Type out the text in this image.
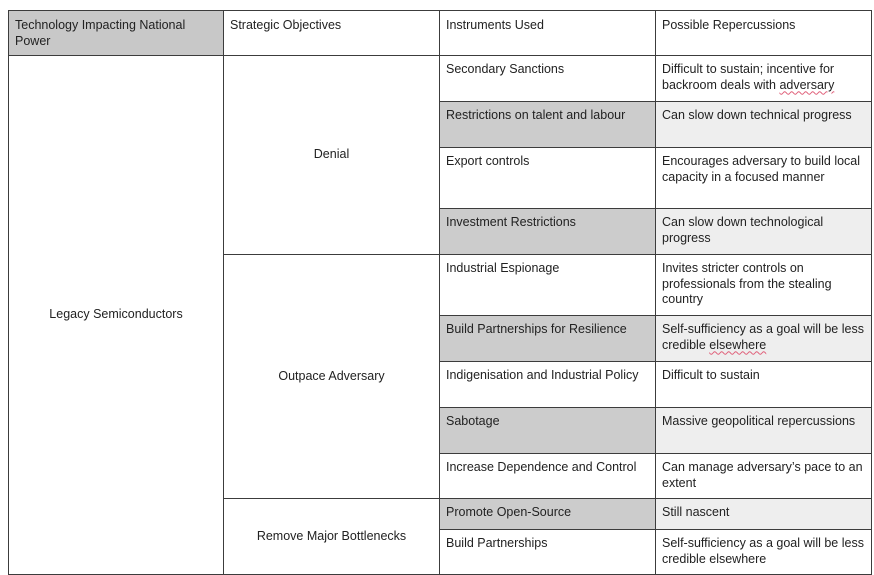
Technology Impacting National Power	Strategic Objectives	Instruments Used	Possible Repercussions
Legacy Semiconductors	Denial	Secondary Sanctions	Difficult to sustain; incentive for backroom deals with adversary
		Restrictions on talent and labour	Can slow down technical progress
		Export controls	Encourages adversary to build local capacity in a focused manner
		Investment Restrictions	Can slow down technological progress
	Outpace Adversary	Industrial Espionage	Invites stricter controls on professionals from the stealing country
		Build Partnerships for Resilience	Self-sufficiency as a goal will be less credible elsewhere
		Indigenisation and Industrial Policy	Difficult to sustain
		Sabotage	Massive geopolitical repercussions
		Increase Dependence and Control	Can manage adversary’s pace to an extent
	Remove Major Bottlenecks	Promote Open-Source	Still nascent
		Build Partnerships	Self-sufficiency as a goal will be less credible elsewhere
